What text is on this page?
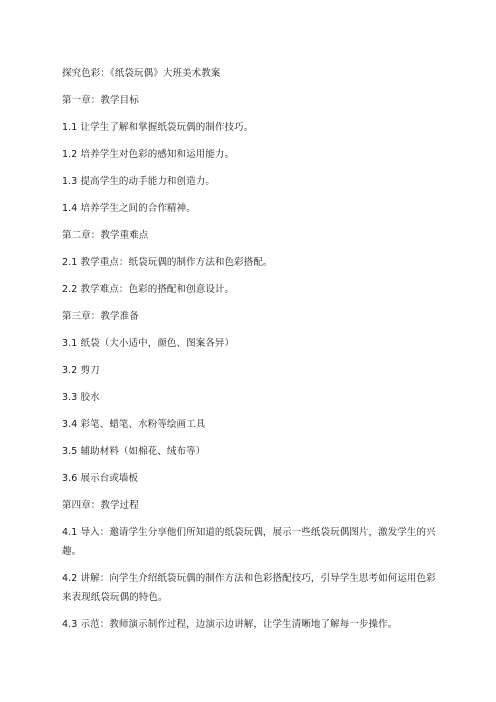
探究色彩：《纸袋玩偶》大班美术教案
第一章：教学目标
1.1 让学生了解和掌握纸袋玩偶的制作技巧。
1.2 培养学生对色彩的感知和运用能力。
1.3 提高学生的动手能力和创造力。
1.4 培养学生之间的合作精神。
第二章：教学重难点
2.1 教学重点：纸袋玩偶的制作方法和色彩搭配。
2.2 教学难点：色彩的搭配和创意设计。
第三章：教学准备
3.1 纸袋（大小适中，颜色、图案各异）
3.2 剪刀
3.3 胶水
3.4 彩笔、蜡笔、水粉等绘画工具
3.5 辅助材料（如棉花、绒布等）
3.6 展示台或墙板
第四章：教学过程
4.1 导入：邀请学生分享他们所知道的纸袋玩偶，展示一些纸袋玩偶图片，激发学生的兴趣。
4.2 讲解：向学生介绍纸袋玩偶的制作方法和色彩搭配技巧，引导学生思考如何运用色彩来表现纸袋玩偶的特色。
4.3 示范：教师演示制作过程，边演示边讲解，让学生清晰地了解每一步操作。
